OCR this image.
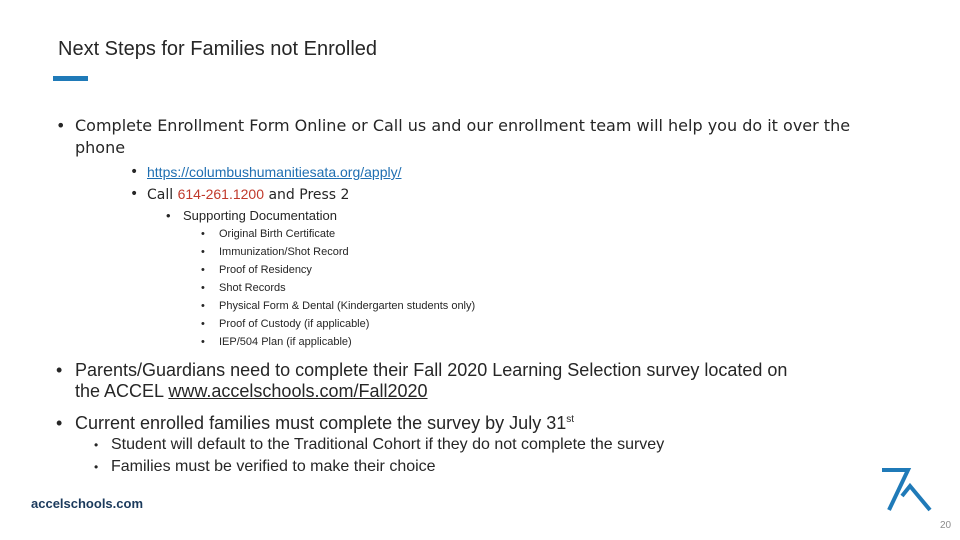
Next Steps for Families not Enrolled
• Complete Enrollment Form Online or Call us and our enrollment team will help you do it over the
phone
• https://columbushumanitiesata.org/apply/
• Call 614-261.1200 and Press 2
• Supporting Documentation
• Original Birth Certificate
• Immunization/Shot Record
• Proof of Residency
• Shot Records
• Physical Form & Dental (Kindergarten students only)
• Proof of Custody (if applicable)
• IEP/504 Plan (if applicable)
• Parents/Guardians need to complete their Fall 2020 Learning Selection survey located on
the ACCEL www.accelschools.com/Fall2020
• Current enrolled families must complete the survey by July 31st
• Student will default to the Traditional Cohort if they do not complete the survey
• Families must be verified to make their choice
accelschools.com
20
